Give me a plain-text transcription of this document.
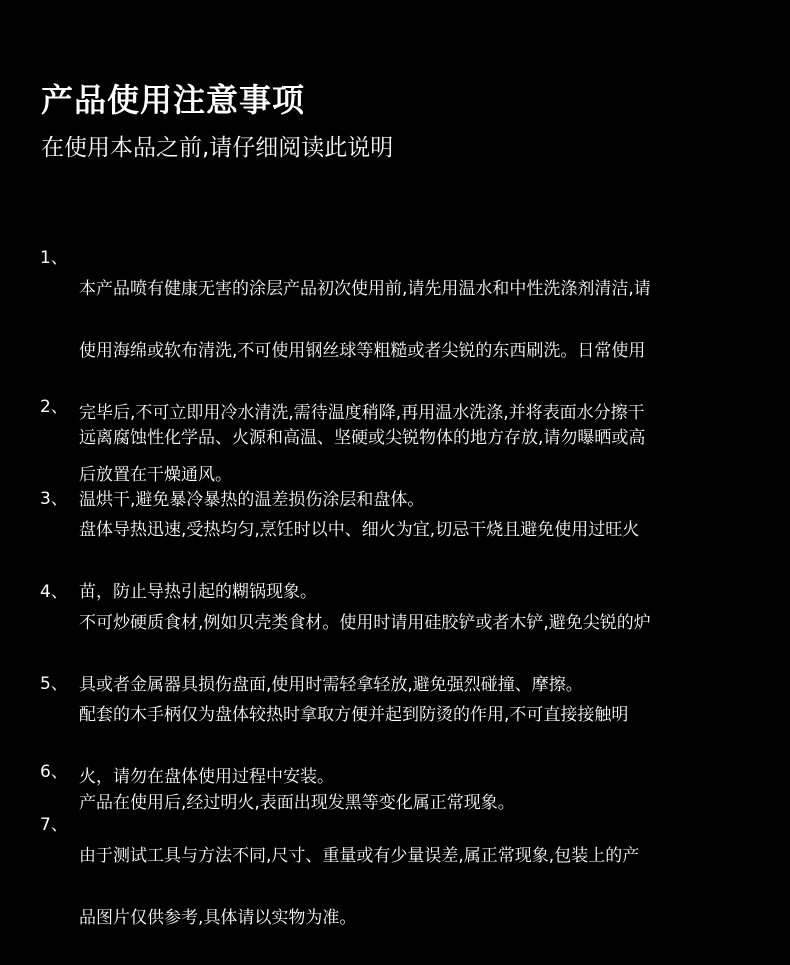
产品使用注意事项
在使用本品之前,请仔细阅读此说明
1、

本产品喷有健康无害的涂层产品初次使用前,请先用温水和中性洗涤剂清洁,请

使用海绵或软布清洗,不可使用钢丝球等粗糙或者尖锐的东西刷洗。日常使用

完毕后,不可立即用冷水清洗,需待温度稍降,再用温水洗涤,并将表面水分擦干

后放置在干燥通风。

2、

远离腐蚀性化学品、火源和高温、坚硬或尖锐物体的地方存放,请勿曝晒或高

温烘干,避免暴冷暴热的温差损伤涂层和盘体。

3、

盘体导热迅速,受热均匀,烹饪时以中、细火为宜,切忌干烧且避免使用过旺火

苗，防止导热引起的糊锅现象。

4、

不可炒硬质食材,例如贝壳类食材。使用时请用硅胶铲或者木铲,避免尖锐的炉

具或者金属器具损伤盘面,使用时需轻拿轻放,避免强烈碰撞、摩擦。

5、

配套的木手柄仅为盘体较热时拿取方便并起到防烫的作用,不可直接接触明

火，请勿在盘体使用过程中安装。

6、

产品在使用后,经过明火,表面出现发黑等变化属正常现象。

7、

由于测试工具与方法不同,尺寸、重量或有少量误差,属正常现象,包装上的产

品图片仅供参考,具体请以实物为准。
